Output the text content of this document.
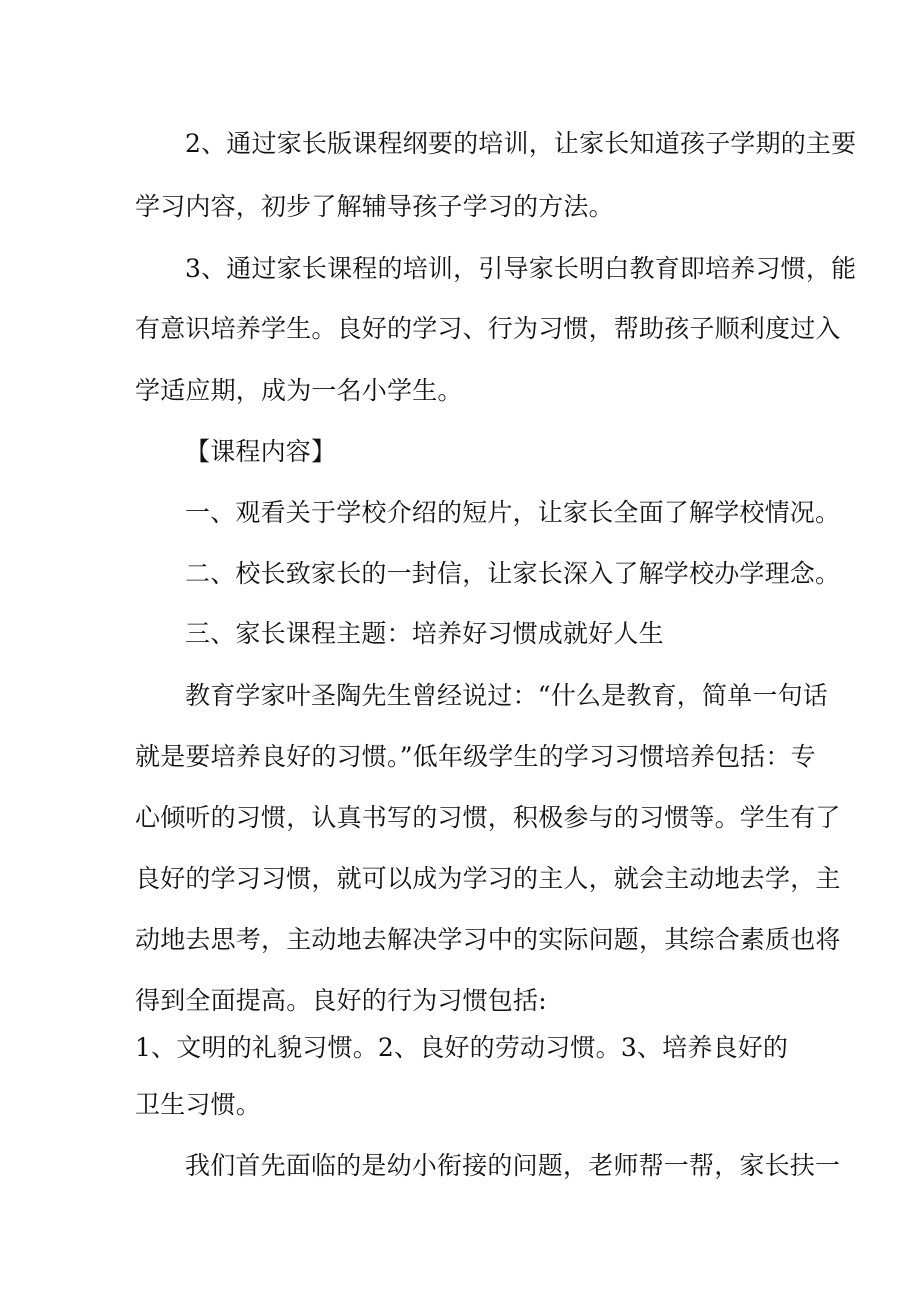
2、通过家长版课程纲要的培训，让家长知道孩子学期的主要
学习内容，初步了解辅导孩子学习的方法。
3、通过家长课程的培训，引导家长明白教育即培养习惯，能
有意识培养学生。良好的学习、行为习惯，帮助孩子顺利度过入
学适应期，成为一名小学生。
【课程内容】
一、观看关于学校介绍的短片，让家长全面了解学校情况。
二、校长致家长的一封信，让家长深入了解学校办学理念。
三、家长课程主题：培养好习惯成就好人生
教育学家叶圣陶先生曾经说过：“什么是教育，简单一句话
就是要培养良好的习惯。”低年级学生的学习习惯培养包括：专
心倾听的习惯，认真书写的习惯，积极参与的习惯等。学生有了
良好的学习习惯，就可以成为学习的主人，就会主动地去学，主
动地去思考，主动地去解决学习中的实际问题，其综合素质也将
得到全面提高。良好的行为习惯包括:
1、文明的礼貌习惯。2、良好的劳动习惯。3、培养良好的
卫生习惯。
我们首先面临的是幼小衔接的问题，老师帮一帮，家长扶一
